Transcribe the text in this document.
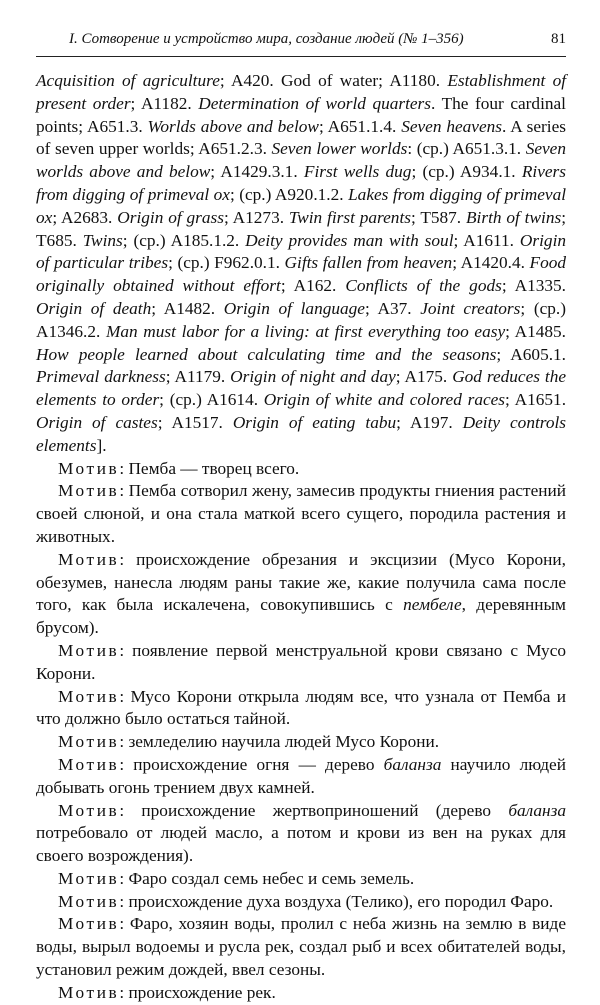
I. Сотворение и устройство мира, создание людей (№ 1–356)	81

Acquisition of agriculture; A420. God of water; A1180. Establishment of present order; A1182. Determination of world quarters. The four cardinal points; A651.3. Worlds above and below; A651.1.4. Seven heavens. A series of seven upper worlds; A651.2.3. Seven lower worlds: (cp.) A651.3.1. Seven worlds above and below; A1429.3.1. First wells dug; (cp.) A934.1. Rivers from digging of primeval ox; (cp.) A920.1.2. Lakes from digging of primeval ox; A2683. Origin of grass; A1273. Twin first parents; T587. Birth of twins; T685. Twins; (cp.) A185.1.2. Deity provides man with soul; A1611. Origin of particular tribes; (cp.) F962.0.1. Gifts fallen from heaven; A1420.4. Food originally obtained without effort; A162. Conflicts of the gods; A1335. Origin of death; A1482. Origin of language; A37. Joint creators; (cp.) A1346.2. Man must labor for a living: at first everything too easy; A1485. How people learned about calculating time and the seasons; A605.1. Primeval darkness; A1179. Origin of night and day; A175. God reduces the elements to order; (cp.) A1614. Origin of white and colored races; A1651. Origin of castes; A1517. Origin of eating tabu; A197. Deity controls elements].

Мотив: Пемба — творец всего.

Мотив: Пемба сотворил жену, замесив продукты гниения растений своей слюной, и она стала маткой всего сущего, породила растения и животных.

Мотив: происхождение обрезания и эксцизии (Мусо Корони, обезумев, нанесла людям раны такие же, какие получила сама после того, как была искалечена, совокупившись с пембеле, деревянным брусом).

Мотив: появление первой менструальной крови связано с Мусо Корони.

Мотив: Мусо Корони открыла людям все, что узнала от Пемба и что должно было остаться тайной.

Мотив: земледелию научила людей Мусо Корони.

Мотив: происхождение огня — дерево баланза научило людей добывать огонь трением двух камней.

Мотив: происхождение жертвоприношений (дерево баланза потребовало от людей масло, а потом и крови из вен на руках для своего возрождения).

Мотив: Фаро создал семь небес и семь земель.

Мотив: происхождение духа воздуха (Телико), его породил Фаро.

Мотив: Фаро, хозяин воды, пролил с неба жизнь на землю в виде воды, вырыл водоемы и русла рек, создал рыб и всех обитателей воды, установил режим дождей, ввел сезоны.

Мотив: происхождение рек.
